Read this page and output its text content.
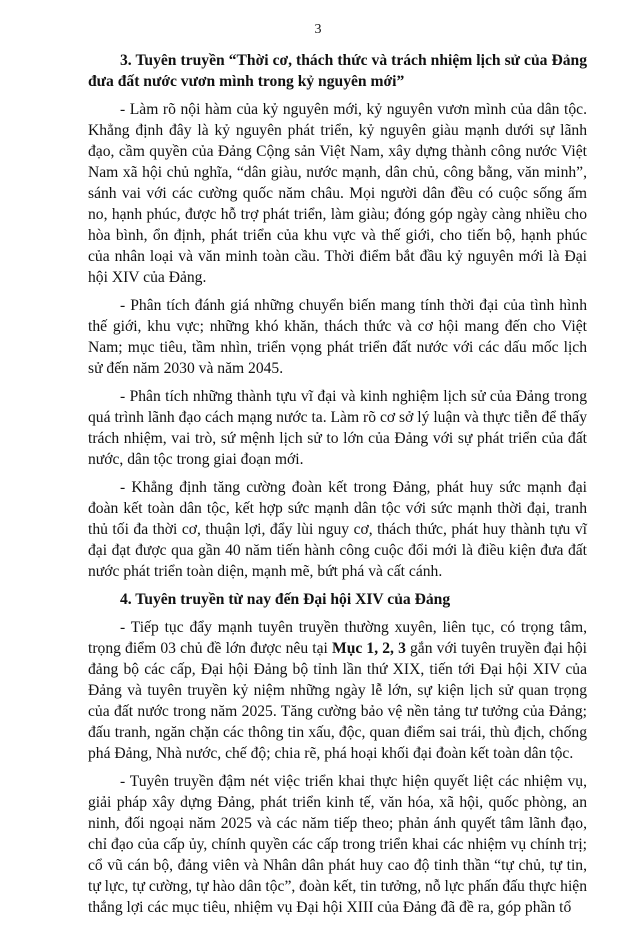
3

3. Tuyên truyền “Thời cơ, thách thức và trách nhiệm lịch sử của Đảng đưa đất nước vươn mình trong kỷ nguyên mới”

- Làm rõ nội hàm của kỷ nguyên mới, kỷ nguyên vươn mình của dân tộc. Khẳng định đây là kỷ nguyên phát triển, kỷ nguyên giàu mạnh dưới sự lãnh đạo, cầm quyền của Đảng Cộng sản Việt Nam, xây dựng thành công nước Việt Nam xã hội chủ nghĩa, “dân giàu, nước mạnh, dân chủ, công bằng, văn minh”, sánh vai với các cường quốc năm châu. Mọi người dân đều có cuộc sống ấm no, hạnh phúc, được hỗ trợ phát triển, làm giàu; đóng góp ngày càng nhiều cho hòa bình, ổn định, phát triển của khu vực và thế giới, cho tiến bộ, hạnh phúc của nhân loại và văn minh toàn cầu. Thời điểm bắt đầu kỷ nguyên mới là Đại hội XIV của Đảng.

- Phân tích đánh giá những chuyển biến mang tính thời đại của tình hình thế giới, khu vực; những khó khăn, thách thức và cơ hội mang đến cho Việt Nam; mục tiêu, tầm nhìn, triển vọng phát triển đất nước với các dấu mốc lịch sử đến năm 2030 và năm 2045.

- Phân tích những thành tựu vĩ đại và kinh nghiệm lịch sử của Đảng trong quá trình lãnh đạo cách mạng nước ta. Làm rõ cơ sở lý luận và thực tiễn để thấy trách nhiệm, vai trò, sứ mệnh lịch sử to lớn của Đảng với sự phát triển của đất nước, dân tộc trong giai đoạn mới.

- Khẳng định tăng cường đoàn kết trong Đảng, phát huy sức mạnh đại đoàn kết toàn dân tộc, kết hợp sức mạnh dân tộc với sức mạnh thời đại, tranh thủ tối đa thời cơ, thuận lợi, đẩy lùi nguy cơ, thách thức, phát huy thành tựu vĩ đại đạt được qua gần 40 năm tiến hành công cuộc đổi mới là điều kiện đưa đất nước phát triển toàn diện, mạnh mẽ, bứt phá và cất cánh.

4. Tuyên truyền từ nay đến Đại hội XIV của Đảng

- Tiếp tục đẩy mạnh tuyên truyền thường xuyên, liên tục, có trọng tâm, trọng điểm 03 chủ đề lớn được nêu tại Mục 1, 2, 3 gắn với tuyên truyền đại hội đảng bộ các cấp, Đại hội Đảng bộ tỉnh lần thứ XIX, tiến tới Đại hội XIV của Đảng và tuyên truyền kỷ niệm những ngày lễ lớn, sự kiện lịch sử quan trọng của đất nước trong năm 2025. Tăng cường bảo vệ nền tảng tư tưởng của Đảng; đấu tranh, ngăn chặn các thông tin xấu, độc, quan điểm sai trái, thù địch, chống phá Đảng, Nhà nước, chế độ; chia rẽ, phá hoại khối đại đoàn kết toàn dân tộc.

- Tuyên truyền đậm nét việc triển khai thực hiện quyết liệt các nhiệm vụ, giải pháp xây dựng Đảng, phát triển kinh tế, văn hóa, xã hội, quốc phòng, an ninh, đối ngoại năm 2025 và các năm tiếp theo; phản ánh quyết tâm lãnh đạo, chỉ đạo của cấp ủy, chính quyền các cấp trong triển khai các nhiệm vụ chính trị; cổ vũ cán bộ, đảng viên và Nhân dân phát huy cao độ tinh thần “tự chủ, tự tin, tự lực, tự cường, tự hào dân tộc”, đoàn kết, tin tưởng, nỗ lực phấn đấu thực hiện thắng lợi các mục tiêu, nhiệm vụ Đại hội XIII của Đảng đã đề ra, góp phần tổ
